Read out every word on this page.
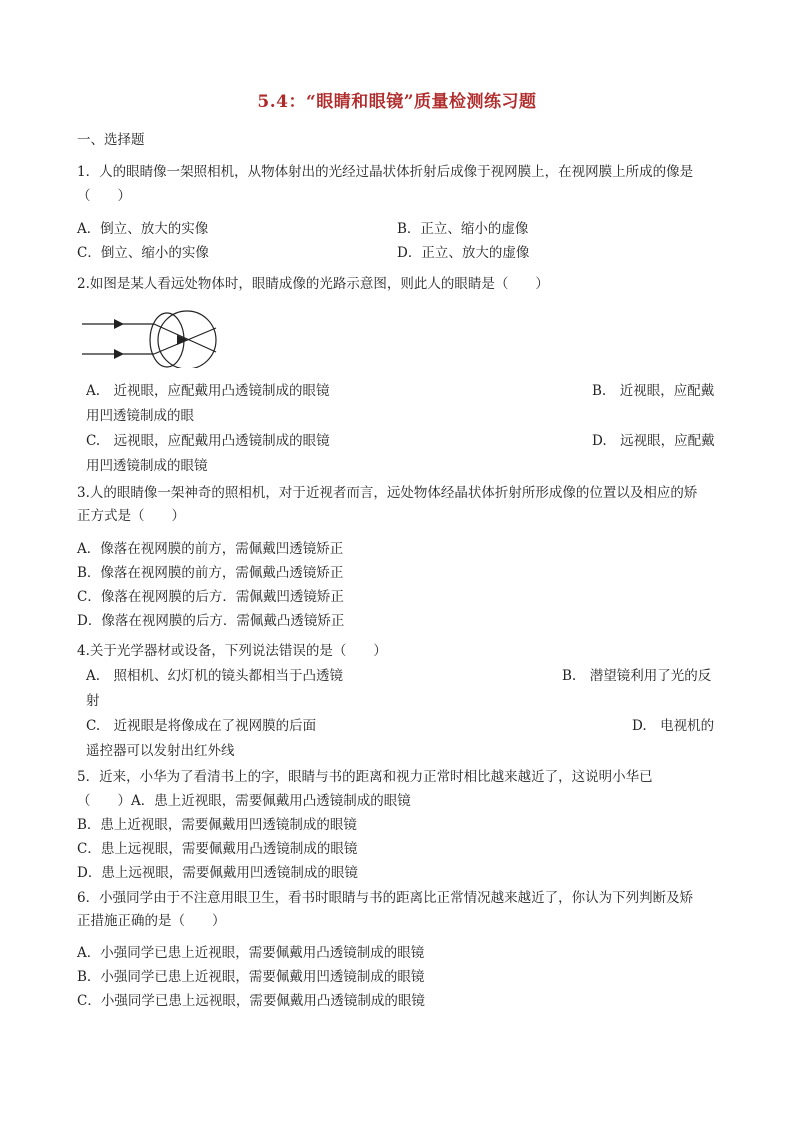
5.4：“眼睛和眼镜”质量检测练习题
一、选择题
1．人的眼睛像一架照相机，从物体射出的光经过晶状体折射后成像于视网膜上，在视网膜上所成的像是
（　　）
A．倒立、放大的实像	B．正立、缩小的虚像
C．倒立、缩小的实像	D．正立、放大的虚像
2.如图是某人看远处物体时，眼睛成像的光路示意图，则此人的眼睛是（　　）
A.　近视眼，应配戴用凸透镜制成的眼镜	B.　近视眼，应配戴
用凹透镜制成的眼
C.　远视眼，应配戴用凸透镜制成的眼镜	D.　远视眼，应配戴
用凹透镜制成的眼镜
3.人的眼睛像一架神奇的照相机，对于近视者而言，远处物体经晶状体折射所形成像的位置以及相应的矫
正方式是（　　）
A．像落在视网膜的前方，需佩戴凹透镜矫正
B．像落在视网膜的前方，需佩戴凸透镜矫正
C．像落在视网膜的后方．需佩戴凹透镜矫正
D．像落在视网膜的后方．需佩戴凸透镜矫正
4.关于光学器材或设备，下列说法错误的是（　　）
A.　照相机、幻灯机的镜头都相当于凸透镜	B.　潜望镜利用了光的反
射
C.　近视眼是将像成在了视网膜的后面	D.　电视机的
遥控器可以发射出红外线
5．近来，小华为了看清书上的字，眼睛与书的距离和视力正常时相比越来越近了，这说明小华已
（　　）A．患上近视眼，需要佩戴用凸透镜制成的眼镜
B．患上近视眼，需要佩戴用凹透镜制成的眼镜
C．患上远视眼，需要佩戴用凸透镜制成的眼镜
D．患上远视眼，需要佩戴用凹透镜制成的眼镜
6．小强同学由于不注意用眼卫生，看书时眼睛与书的距离比正常情况越来越近了，你认为下列判断及矫
正措施正确的是（　　）
A．小强同学已患上近视眼，需要佩戴用凸透镜制成的眼镜
B．小强同学已患上近视眼，需要佩戴用凹透镜制成的眼镜
C．小强同学已患上远视眼，需要佩戴用凸透镜制成的眼镜
